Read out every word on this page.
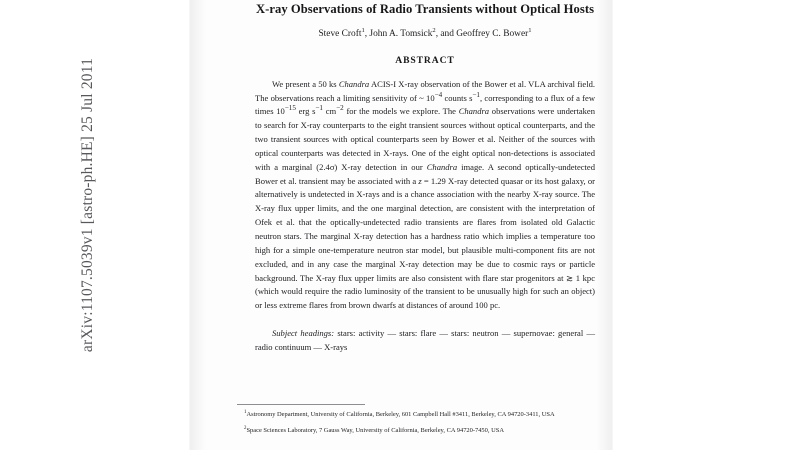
arXiv:1107.5039v1 [astro-ph.HE] 25 Jul 2011
X-ray Observations of Radio Transients without Optical Hosts

Steve Croft$^1$, John A. Tomsick$^2$, and Geoffrey C. Bower$^1$

ABSTRACT

We present a 50 ks Chandra ACIS-I X-ray observation of the Bower et al. VLA archival field. The observations reach a limiting sensitivity of ~ $10^{-4}$ counts $s^{-1}$, corresponding to a flux of a few times $10^{-15}$ erg $s^{-1}$ $cm^{-2}$ for the models we explore. The Chandra observations were undertaken to search for X-ray counterparts to the eight transient sources without optical counterparts, and the two transient sources with optical counterparts seen by Bower et al. Neither of the sources with optical counterparts was detected in X-rays. One of the eight optical non-detections is associated with a marginal (2.4σ) X-ray detection in our Chandra image. A second optically-undetected Bower et al. transient may be associated with a z = 1.29 X-ray detected quasar or its host galaxy, or alternatively is undetected in X-rays and is a chance association with the nearby X-ray source. The X-ray flux upper limits, and the one marginal detection, are consistent with the interpretation of Ofek et al. that the optically-undetected radio transients are flares from isolated old Galactic neutron stars. The marginal X-ray detection has a hardness ratio which implies a temperature too high for a simple one-temperature neutron star model, but plausible multi-component fits are not excluded, and in any case the marginal X-ray detection may be due to cosmic rays or particle background. The X-ray flux upper limits are also consistent with flare star progenitors at ≳ 1 kpc (which would require the radio luminosity of the transient to be unusually high for such an object) or less extreme flares from brown dwarfs at distances of around 100 pc.

Subject headings: stars: activity — stars: flare — stars: neutron — supernovae: general — radio continuum — X-rays

$^1$Astronomy Department, University of California, Berkeley, 601 Campbell Hall #3411, Berkeley, CA 94720-3411, USA

$^2$Space Sciences Laboratory, 7 Gauss Way, University of California, Berkeley, CA 94720-7450, USA
